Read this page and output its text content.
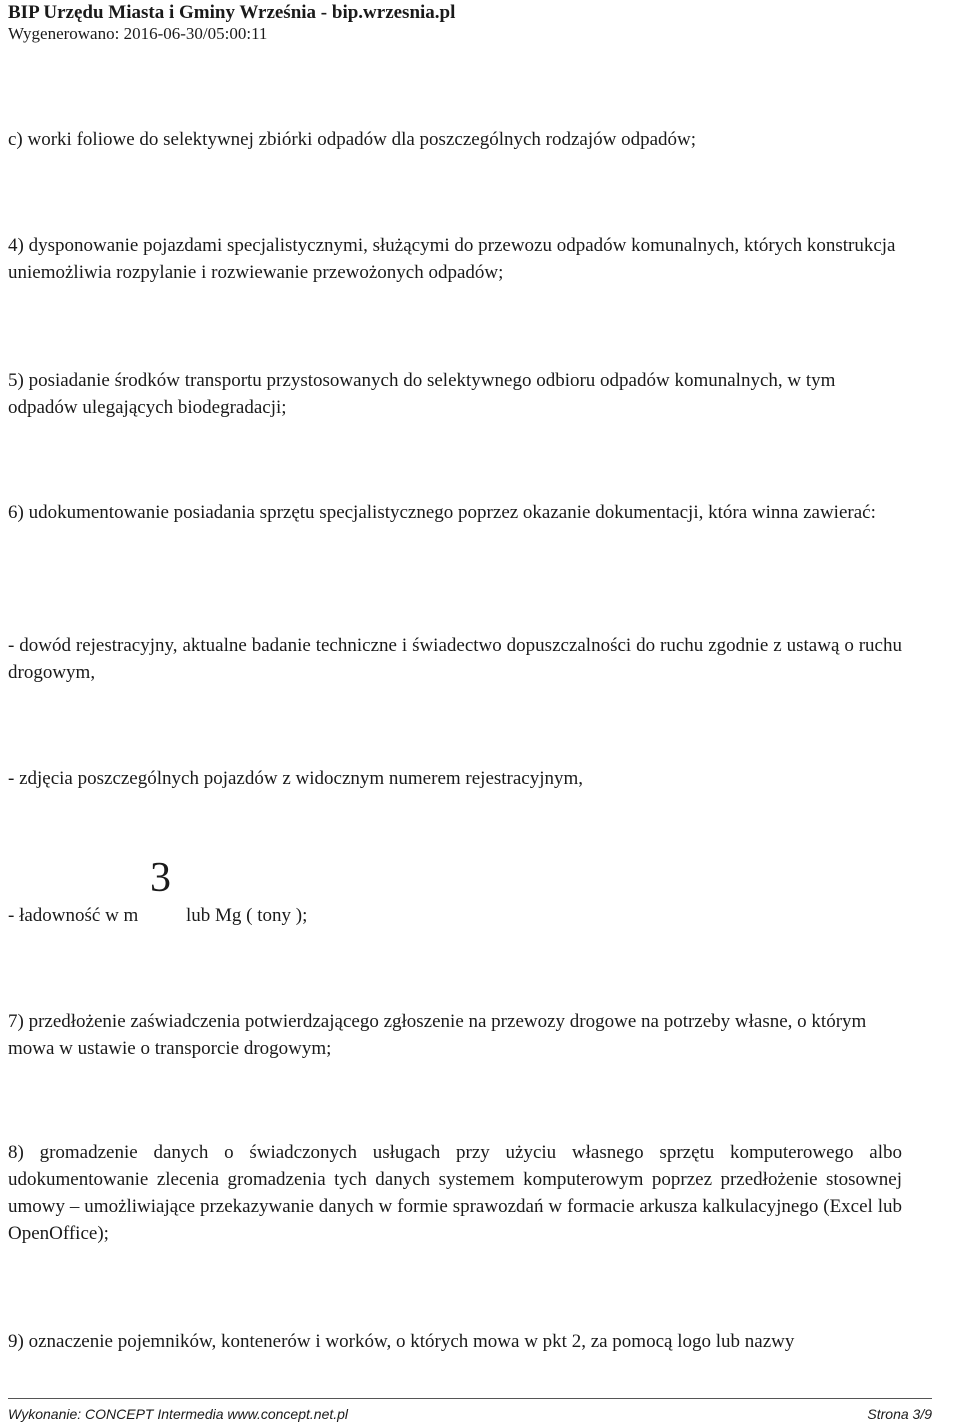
BIP Urzędu Miasta i Gminy Września - bip.wrzesnia.pl
Wygenerowano: 2016-06-30/05:00:11

c) worki foliowe do selektywnej zbiórki odpadów dla poszczególnych rodzajów odpadów;

4) dysponowanie pojazdami specjalistycznymi, służącymi do przewozu odpadów komunalnych, których konstrukcja uniemożliwia rozpylanie i rozwiewanie przewożonych odpadów;

5) posiadanie środków transportu przystosowanych do selektywnego odbioru odpadów komunalnych, w tym odpadów ulegających biodegradacji;

6) udokumentowanie posiadania sprzętu specjalistycznego poprzez okazanie dokumentacji, która winna zawierać:

- dowód rejestracyjny, aktualne badanie techniczne i świadectwo dopuszczalności do ruchu zgodnie z ustawą o ruchu drogowym,

- zdjęcia poszczególnych pojazdów z widocznym numerem rejestracyjnym,

3
- ładowność w m	lub Mg ( tony );

7) przedłożenie zaświadczenia potwierdzającego zgłoszenie na przewozy drogowe na potrzeby własne, o którym mowa w ustawie o transporcie drogowym;

8) gromadzenie danych o świadczonych usługach przy użyciu własnego sprzętu komputerowego albo udokumentowanie zlecenia gromadzenia tych danych systemem komputerowym poprzez przedłożenie stosownej umowy – umożliwiające przekazywanie danych w formie sprawozdań w formacie arkusza kalkulacyjnego (Excel lub OpenOffice);

9) oznaczenie pojemników, kontenerów i worków, o których mowa w pkt 2, za pomocą logo lub nazwy

Wykonanie: CONCEPT Intermedia www.concept.net.pl	Strona 3/9
